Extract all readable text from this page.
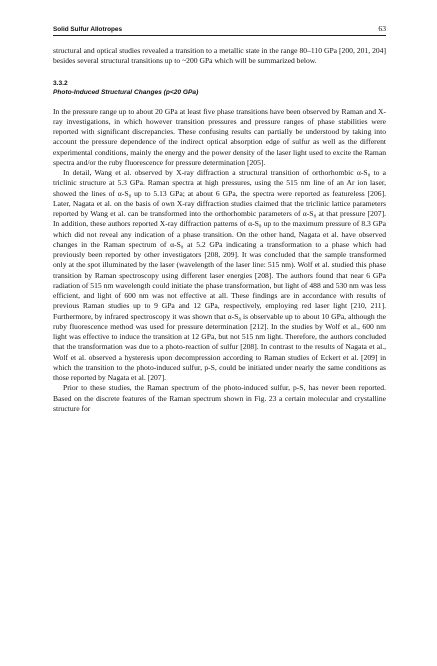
Solid Sulfur Allotropes	63

structural and optical studies revealed a transition to a metallic state in the range 80–110 GPa [200, 201, 204] besides several structural transitions up to ~200 GPa which will be summarized below.

3.3.2
Photo-Induced Structural Changes (p<20 GPa)

In the pressure range up to about 20 GPa at least five phase transitions have been observed by Raman and X-ray investigations, in which however transition pressures and pressure ranges of phase stabilities were reported with significant discrepancies. These confusing results can partially be understood by taking into account the pressure dependence of the indirect optical absorption edge of sulfur as well as the different experimental conditions, mainly the energy and the power density of the laser light used to excite the Raman spectra and/or the ruby fluorescence for pressure determination [205].

In detail, Wang et al. observed by X-ray diffraction a structural transition of orthorhombic α-S₈ to a triclinic structure at 5.3 GPa. Raman spectra at high pressures, using the 515 nm line of an Ar ion laser, showed the lines of α-S₈ up to 5.13 GPa; at about 6 GPa, the spectra were reported as featureless [206]. Later, Nagata et al. on the basis of own X-ray diffraction studies claimed that the triclinic lattice parameters reported by Wang et al. can be transformed into the orthorhombic parameters of α-S₈ at that pressure [207]. In addition, these authors reported X-ray diffraction patterns of α-S₈ up to the maximum pressure of 8.3 GPa which did not reveal any indication of a phase transition. On the other hand, Nagata et al. have observed changes in the Raman spectrum of α-S₈ at 5.2 GPa indicating a transformation to a phase which had previously been reported by other investigators [208, 209]. It was concluded that the sample transformed only at the spot illuminated by the laser (wavelength of the laser line: 515 nm). Wolf et al. studied this phase transition by Raman spectroscopy using different laser energies [208]. The authors found that near 6 GPa radiation of 515 nm wavelength could initiate the phase transformation, but light of 488 and 530 nm was less efficient, and light of 600 nm was not effective at all. These findings are in accordance with results of previous Raman studies up to 9 GPa and 12 GPa, respectively, employing red laser light [210, 211]. Furthermore, by infrared spectroscopy it was shown that α-S₈ is observable up to about 10 GPa, although the ruby fluorescence method was used for pressure determination [212]. In the studies by Wolf et al., 600 nm light was effective to induce the transition at 12 GPa, but not 515 nm light. Therefore, the authors concluded that the transformation was due to a photo-reaction of sulfur [208]. In contrast to the results of Nagata et al., Wolf et al. observed a hysteresis upon decompression according to Raman studies of Eckert et al. [209] in which the transition to the photo-induced sulfur, p-S, could be initiated under nearly the same conditions as those reported by Nagata et al. [207].

Prior to these studies, the Raman spectrum of the photo-induced sulfur, p-S, has never been reported. Based on the discrete features of the Raman spectrum shown in Fig. 23 a certain molecular and crystalline structure for
